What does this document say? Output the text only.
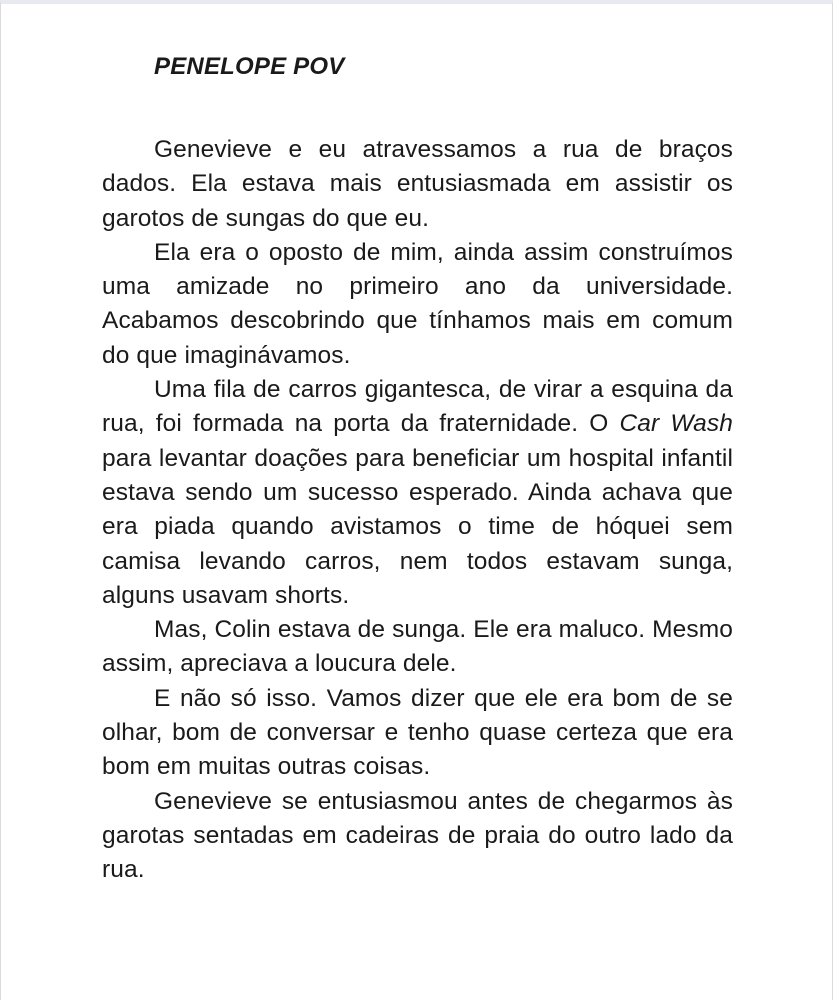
PENELOPE POV

Genevieve e eu atravessamos a rua de braços dados. Ela estava mais entusiasmada em assistir os garotos de sungas do que eu.

Ela era o oposto de mim, ainda assim construímos uma amizade no primeiro ano da universidade. Acabamos descobrindo que tínhamos mais em comum do que imaginávamos.

Uma fila de carros gigantesca, de virar a esquina da rua, foi formada na porta da fraternidade. O Car Wash para levantar doações para beneficiar um hospital infantil estava sendo um sucesso esperado. Ainda achava que era piada quando avistamos o time de hóquei sem camisa levando carros, nem todos estavam sunga, alguns usavam shorts.

Mas, Colin estava de sunga. Ele era maluco. Mesmo assim, apreciava a loucura dele.

E não só isso. Vamos dizer que ele era bom de se olhar, bom de conversar e tenho quase certeza que era bom em muitas outras coisas.

Genevieve se entusiasmou antes de chegarmos às garotas sentadas em cadeiras de praia do outro lado da rua.
